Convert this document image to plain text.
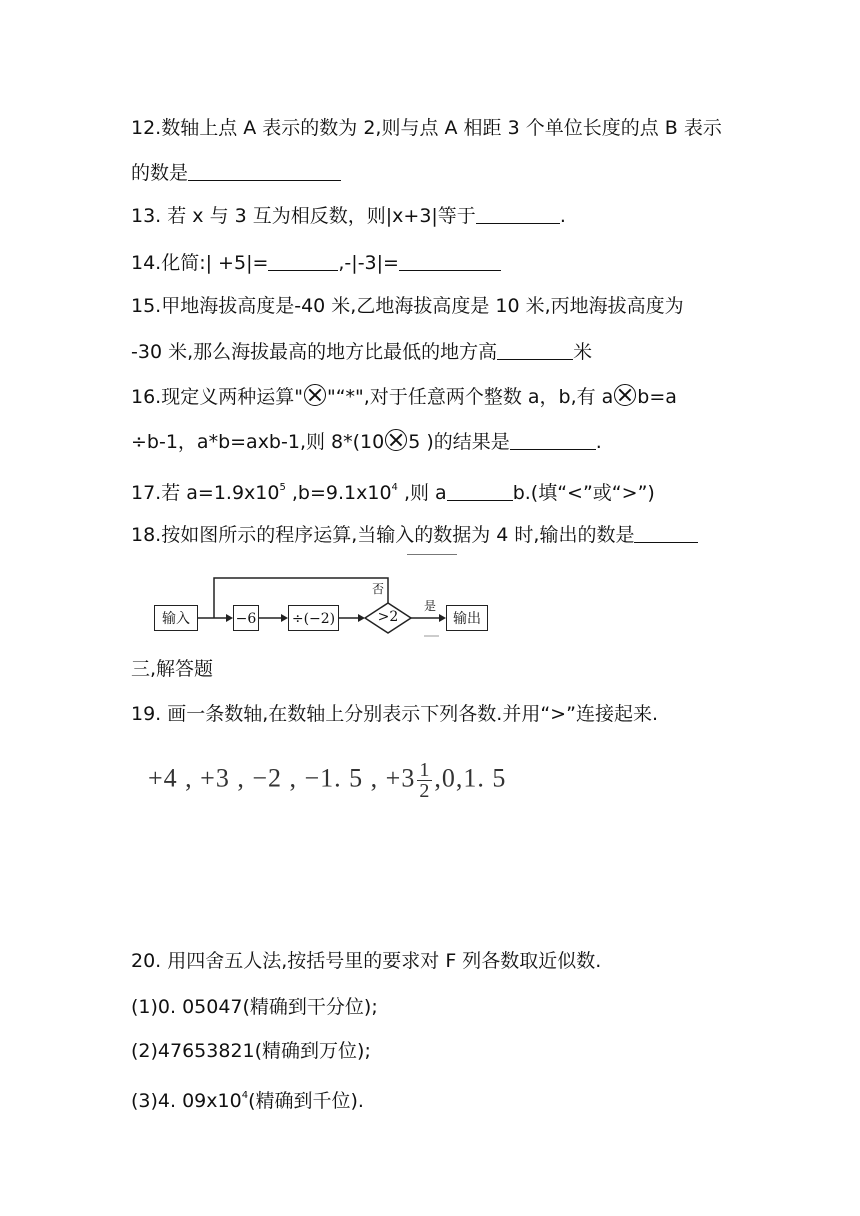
12.数轴上点 A 表示的数为 2,则与点 A 相距 3 个单位长度的点 B 表示
的数是
13. 若 x 与 3 互为相反数，则|x+3|等于	.
14.化简:| +5|=	,-|-3|=
15.甲地海拔高度是-40 米,乙地海拔高度是 10 米,丙地海拔高度为
-30 米,那么海拔最高的地方比最低的地方高	米
16.现定义两种运算" "“*",对于任意两个整数 a，b,有 a b=a
÷b-1，a*b=axb-1,则 8*(10 5 )的结果是	.
17.若 $a=1.9x10^5$ $,b=9.1x10^4$ ,则 a	b.(填“<”或“>”)
18.按如图所示的程序运算,当输入的数据为 4 时,输出的数是
输入	−6	÷(−2)	>2
否
是
输出
三,解答题
19. 画一条数轴,在数轴上分别表示下列各数.并用“>”连接起来.
+4 , +3 , −2 , −1. 5 , $+3 \frac{1}{2} ,0,1$. 5
20. 用四舍五人法,按括号里的要求对 F 列各数取近似数.
(1)0. 05047(精确到干分位);
(2)47653821(精确到万位);
(3)4. $09x10^4$(精确到千位).
